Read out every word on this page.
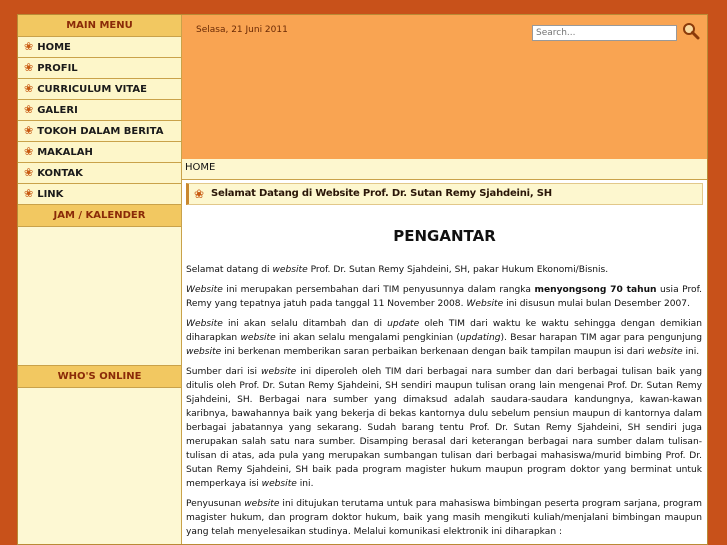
MAIN MENU
❀ HOME
❀ PROFIL
❀ CURRICULUM VITAE
❀ GALERI
❀ TOKOH DALAM BERITA
❀ MAKALAH
❀ KONTAK
❀ LINK
JAM / KALENDER
WHO'S ONLINE
Selasa, 21 Juni 2011
Search...
HOME
❀ Selamat Datang di Website Prof. Dr. Sutan Remy Sjahdeini, SH
PENGANTAR

Selamat datang di website Prof. Dr. Sutan Remy Sjahdeini, SH, pakar Hukum Ekonomi/Bisnis.

Website ini merupakan persembahan dari TIM penyusunnya dalam rangka menyongsong 70 tahun usia Prof. Remy yang tepatnya jatuh pada tanggal 11 November 2008. Website ini disusun mulai bulan Desember 2007.

Website ini akan selalu ditambah dan di update oleh TIM dari waktu ke waktu sehingga dengan demikian diharapkan website ini akan selalu mengalami pengkinian (updating). Besar harapan TIM agar para pengunjung website ini berkenan memberikan saran perbaikan berkenaan dengan baik tampilan maupun isi dari website ini.

Sumber dari isi website ini diperoleh oleh TIM dari berbagai nara sumber dan dari berbagai tulisan baik yang ditulis oleh Prof. Dr. Sutan Remy Sjahdeini, SH sendiri maupun tulisan orang lain mengenai Prof. Dr. Sutan Remy Sjahdeini, SH. Berbagai nara sumber yang dimaksud adalah saudara-saudara kandungnya, kawan-kawan karibnya, bawahannya baik yang bekerja di bekas kantornya dulu sebelum pensiun maupun di kantornya dalam berbagai jabatannya yang sekarang. Sudah barang tentu Prof. Dr. Sutan Remy Sjahdeini, SH sendiri juga merupakan salah satu nara sumber. Disamping berasal dari keterangan berbagai nara sumber dalam tulisan-tulisan di atas, ada pula yang merupakan sumbangan tulisan dari berbagai mahasiswa/murid bimbing Prof. Dr. Sutan Remy Sjahdeini, SH baik pada program magister hukum maupun program doktor yang berminat untuk memperkaya isi website ini.

Penyusunan website ini ditujukan terutama untuk para mahasiswa bimbingan peserta program sarjana, program magister hukum, dan program doktor hukum, baik yang masih mengikuti kuliah/menjalani bimbingan maupun yang telah menyelesaikan studinya. Melalui komunikasi elektronik ini diharapkan :
